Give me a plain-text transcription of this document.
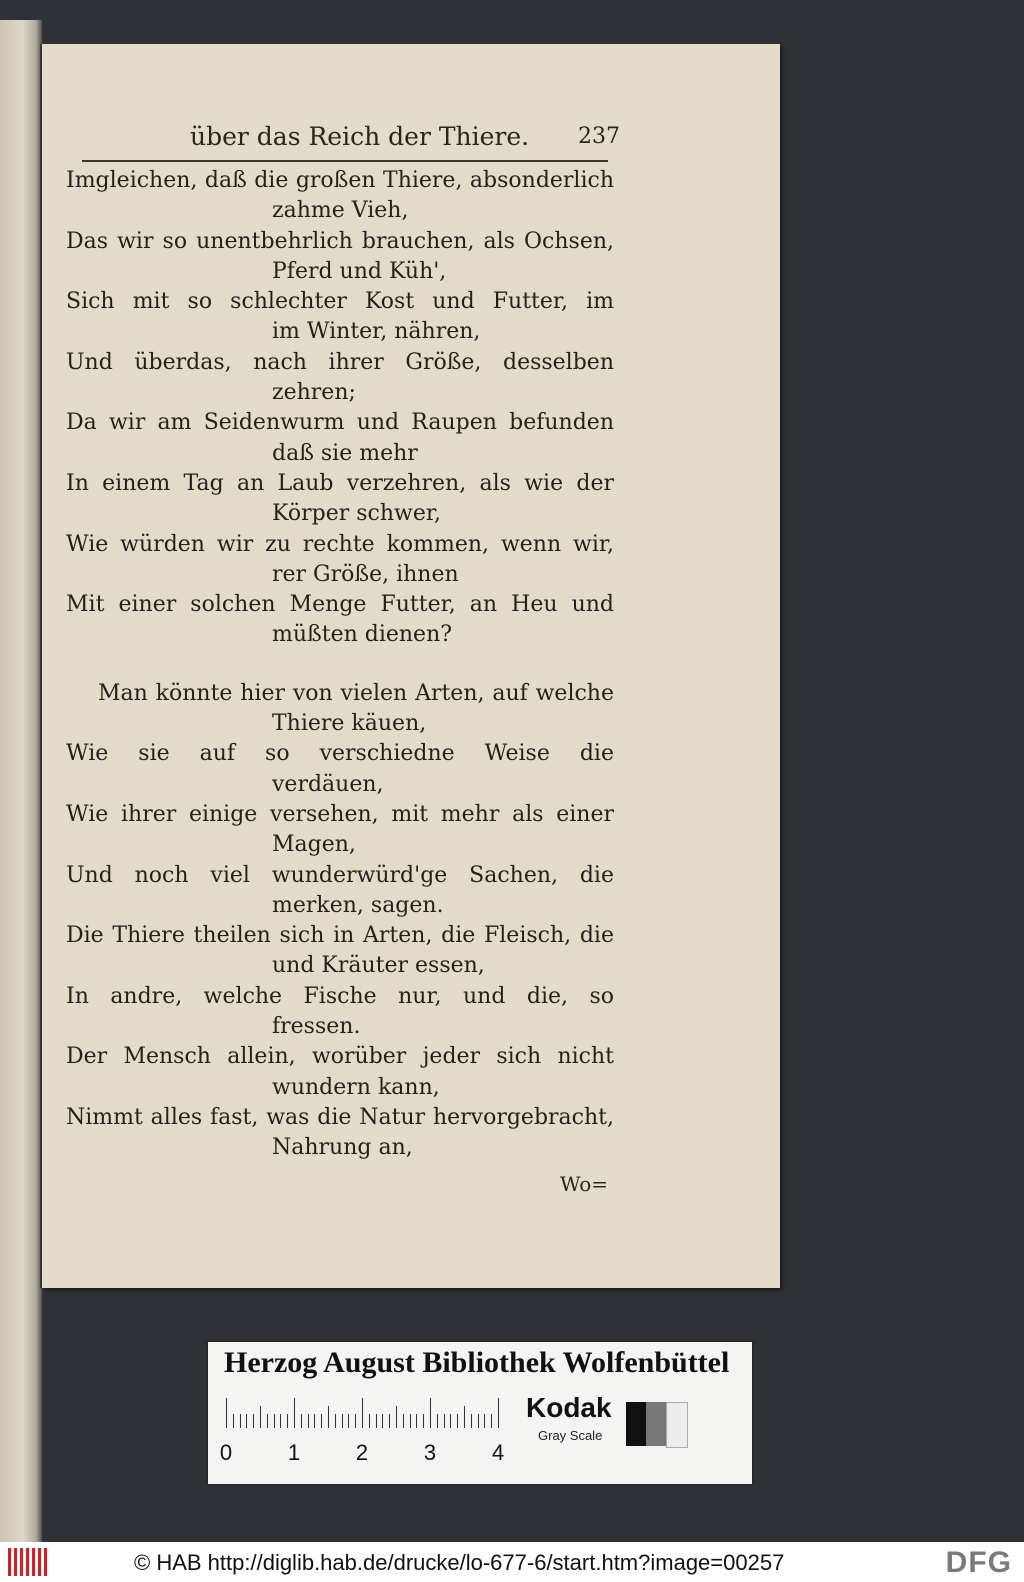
über das Reich der Thiere. 237
Imgleichen, daß die großen Thiere, absonderlich
zahme Vieh,
Das wir so unentbehrlich brauchen, als Ochsen,
Pferd und Küh',
Sich mit so schlechter Kost und Futter, im
im Winter, nähren,
Und überdas, nach ihrer Größe, desselben
zehren;
Da wir am Seidenwurm und Raupen befunden
daß sie mehr
In einem Tag an Laub verzehren, als wie der
Körper schwer,
Wie würden wir zu rechte kommen, wenn wir,
rer Größe, ihnen
Mit einer solchen Menge Futter, an Heu und
müßten dienen?
Man könnte hier von vielen Arten, auf welche
Thiere käuen,
Wie sie auf so verschiedne Weise die
verdäuen,
Wie ihrer einige versehen, mit mehr als einer
Magen,
Und noch viel wunderwürd'ge Sachen, die
merken, sagen.
Die Thiere theilen sich in Arten, die Fleisch, die
und Kräuter essen,
In andre, welche Fische nur, und die, so
fressen.
Der Mensch allein, worüber jeder sich nicht
wundern kann,
Nimmt alles fast, was die Natur hervorgebracht,
Nahrung an,
Wo=
Herzog August Bibliothek Wolfenbüttel
0	1	2	3	4
Kodak
Gray Scale
© HAB http://diglib.hab.de/drucke/lo-677-6/start.htm?image=00257	DFG
